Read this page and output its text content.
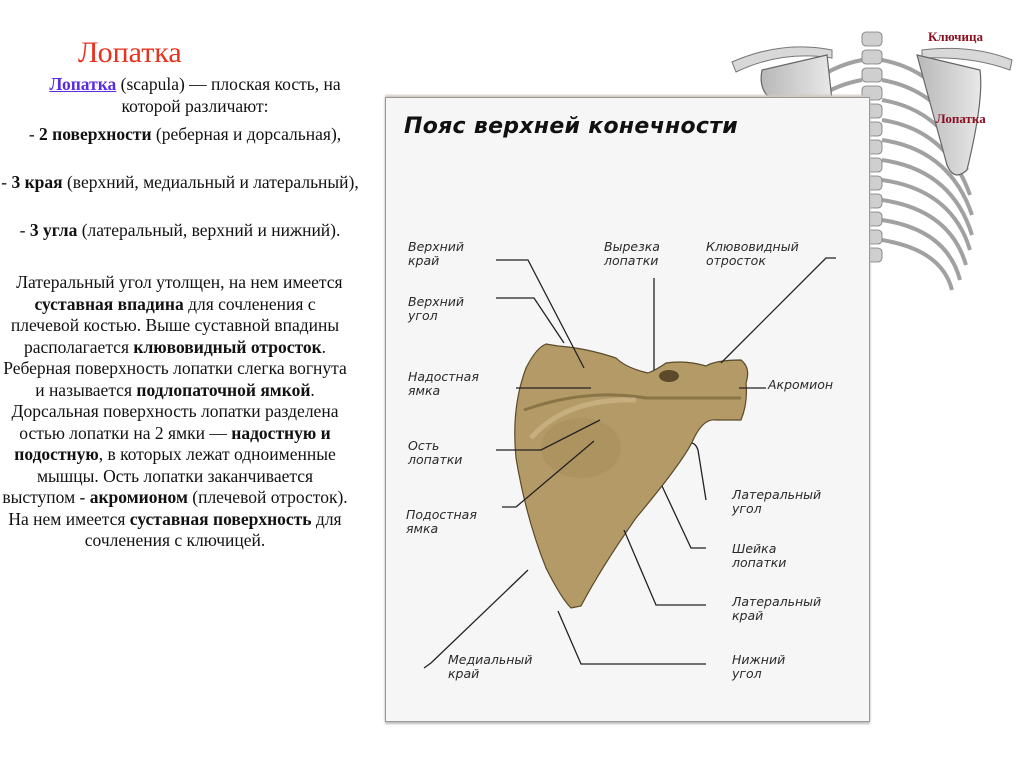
Лопатка
Лопатка (scapula) — плоская кость, на которой различают:
- 2 поверхности (реберная и дорсальная),
- 3 края (верхний, медиальный и латеральный),
- 3 угла (латеральный, верхний и нижний).
Латеральный угол утолщен, на нем имеется суставная впадина для сочленения с плечевой костью. Выше суставной впадины располагается клювовидный отросток. Реберная поверхность лопатки слегка вогнута и называется подлопаточной ямкой. Дорсальная поверхность лопатки разделена остью лопатки на 2 ямки — надостную и подостную, в которых лежат одноименные мышцы. Ость лопатки заканчивается выступом - акромионом (плечевой отросток). На нем имеется суставная поверхность для сочленения с ключицей.
Ключица
Лопатка
Пояс верхней конечности
Верхний
край
Вырезка
лопатки
Клювовидный
отросток
Верхний
угол
Надостная
ямка	Акромион
Ость
лопатки
Латеральный
угол
Подостная
ямка
Шейка
лопатки
Латеральный
край
Медиальный
край
Нижний
угол
